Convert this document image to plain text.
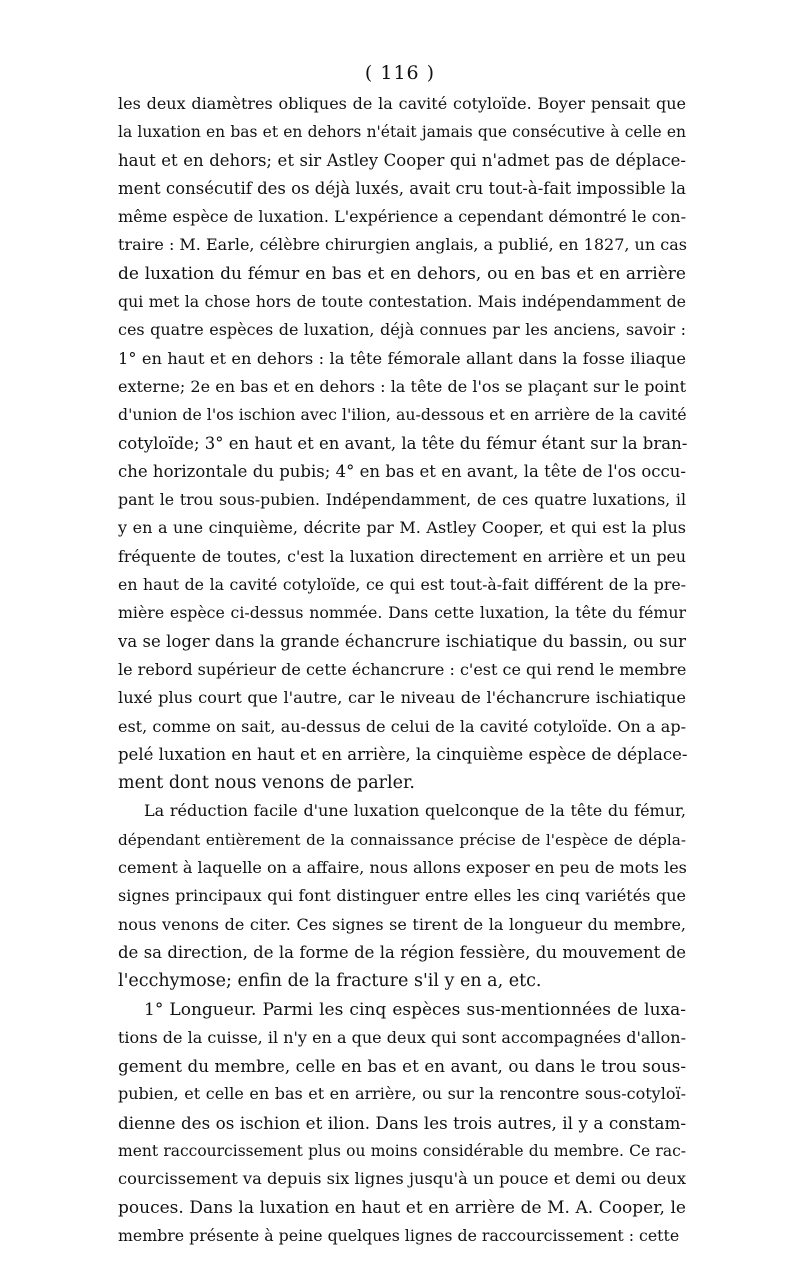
( 116 )
les deux diamètres obliques de la cavité cotyloïde. Boyer pensait que
la luxation en bas et en dehors n'était jamais que consécutive à celle en
haut et en dehors; et sir Astley Cooper qui n'admet pas de déplace-
ment consécutif des os déjà luxés, avait cru tout-à-fait impossible la
même espèce de luxation. L'expérience a cependant démontré le con-
traire : M. Earle, célèbre chirurgien anglais, a publié, en 1827, un cas
de luxation du fémur en bas et en dehors, ou en bas et en arrière
qui met la chose hors de toute contestation. Mais indépendamment de
ces quatre espèces de luxation, déjà connues par les anciens, savoir :
1° en haut et en dehors : la tête fémorale allant dans la fosse iliaque
externe; 2e en bas et en dehors : la tête de l'os se plaçant sur le point
d'union de l'os ischion avec l'ilion, au-dessous et en arrière de la cavité
cotyloïde; 3° en haut et en avant, la tête du fémur étant sur la bran-
che horizontale du pubis; 4° en bas et en avant, la tête de l'os occu-
pant le trou sous-pubien. Indépendamment, de ces quatre luxations, il
y en a une cinquième, décrite par M. Astley Cooper, et qui est la plus
fréquente de toutes, c'est la luxation directement en arrière et un peu
en haut de la cavité cotyloïde, ce qui est tout-à-fait différent de la pre-
mière espèce ci-dessus nommée. Dans cette luxation, la tête du fémur
va se loger dans la grande échancrure ischiatique du bassin, ou sur
le rebord supérieur de cette échancrure : c'est ce qui rend le membre
luxé plus court que l'autre, car le niveau de l'échancrure ischiatique
est, comme on sait, au-dessus de celui de la cavité cotyloïde. On a ap-
pelé luxation en haut et en arrière, la cinquième espèce de déplace-
ment dont nous venons de parler.
La réduction facile d'une luxation quelconque de la tête du fémur,
dépendant entièrement de la connaissance précise de l'espèce de dépla-
cement à laquelle on a affaire, nous allons exposer en peu de mots les
signes principaux qui font distinguer entre elles les cinq variétés que
nous venons de citer. Ces signes se tirent de la longueur du membre,
de sa direction, de la forme de la région fessière, du mouvement de
l'ecchymose; enfin de la fracture s'il y en a, etc.
1° Longueur. Parmi les cinq espèces sus-mentionnées de luxa-
tions de la cuisse, il n'y en a que deux qui sont accompagnées d'allon-
gement du membre, celle en bas et en avant, ou dans le trou sous-
pubien, et celle en bas et en arrière, ou sur la rencontre sous-cotyloï-
dienne des os ischion et ilion. Dans les trois autres, il y a constam-
ment raccourcissement plus ou moins considérable du membre. Ce rac-
courcissement va depuis six lignes jusqu'à un pouce et demi ou deux
pouces. Dans la luxation en haut et en arrière de M. A. Cooper, le
membre présente à peine quelques lignes de raccourcissement : cette
